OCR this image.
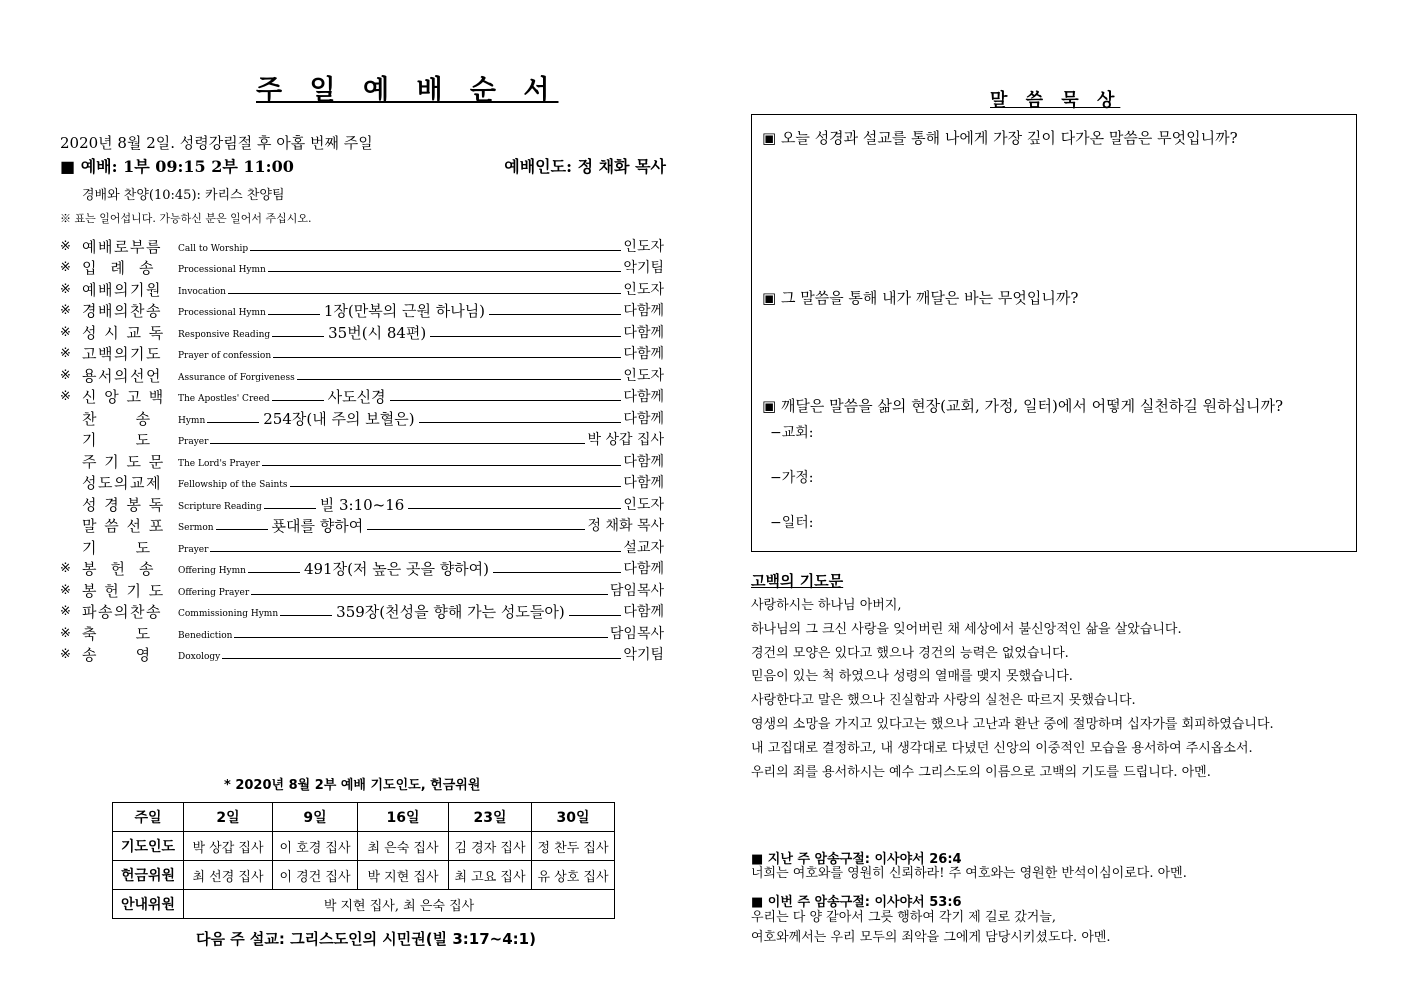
주 일 예 배 순 서
2020년 8월 2일. 성령강림절 후 아홉 번째 주일
■ 예배: 1부 09:15 2부 11:00	예배인도: 정 채화 목사
경배와 찬양(10:45): 카리스 찬양팀
※ 표는 일어섭니다. 가능하신 분은 일어서 주십시오.
※ 예배로부름	Call to Worship	인도자
※ 입  례  송	Processional Hymn	악기팀
※ 예배의기원	Invocation	인도자
※ 경배의찬송	Processional Hymn	1장(만복의 근원 하나님)	다함께
※ 성 시 교 독	Responsive Reading	35번(시 84편)	다함께
※ 고백의기도	Prayer of confession	다함께
※ 용서의선언	Assurance of Forgiveness	인도자
※ 신 앙 고 백	The Apostles' Creed	사도신경	다함께
찬      송	Hymn	254장(내 주의 보혈은)	다함께
기      도	Prayer	박 상갑 집사
주 기 도 문	The Lord's Prayer	다함께
성도의교제	Fellowship of the Saints	다함께
성 경 봉 독	Scripture Reading	빌 3:10~16	인도자
말 씀 선 포	Sermon	푯대를 향하여	정 채화 목사
기      도	Prayer	설교자
※ 봉  헌  송	Offering Hymn	491장(저 높은 곳을 향하여)	다함께
※ 봉 헌 기 도	Offering Prayer	담임목사
※ 파송의찬송	Commissioning Hymn	359장(천성을 향해 가는 성도들아)	다함께
※ 축      도	Benediction	담임목사
※ 송      영	Doxology	악기팀
* 2020년 8월 2부 예배 기도인도, 헌금위원
주일	2일	9일	16일	23일	30일
기도인도	박 상갑 집사	이 호경 집사	최 은숙 집사	김 경자 집사	정 찬두 집사
헌금위원	최 선경 집사	이 경건 집사	박 지현 집사	최 고요 집사	유 상호 집사
안내위원	박 지현 집사, 최 은숙 집사				
다음 주 설교: 그리스도인의 시민권(빌 3:17~4:1)
말 씀 묵 상
▣ 오늘 성경과 설교를 통해 나에게 가장 깊이 다가온 말씀은 무엇입니까?
▣ 그 말씀을 통해 내가 깨달은 바는 무엇입니까?
▣ 깨달은 말씀을 삶의 현장(교회, 가정, 일터)에서 어떻게 실천하길 원하십니까?
−교회:
−가정:
−일터:
고백의 기도문
사랑하시는 하나님 아버지,
하나님의 그 크신 사랑을 잊어버린 채 세상에서 불신앙적인 삶을 살았습니다.
경건의 모양은 있다고 했으나 경건의 능력은 없었습니다.
믿음이 있는 척 하였으나 성령의 열매를 맺지 못했습니다.
사랑한다고 말은 했으나 진실함과 사랑의 실천은 따르지 못했습니다.
영생의 소망을 가지고 있다고는 했으나 고난과 환난 중에 절망하며 십자가를 회피하였습니다.
내 고집대로 결정하고, 내 생각대로 다녔던 신앙의 이중적인 모습을 용서하여 주시옵소서.
우리의 죄를 용서하시는 예수 그리스도의 이름으로 고백의 기도를 드립니다. 아멘.
■ 지난 주 암송구절: 이사야서 26:4
너희는 여호와를 영원히 신뢰하라! 주 여호와는 영원한 반석이심이로다. 아멘.
■ 이번 주 암송구절: 이사야서 53:6
우리는 다 양 같아서 그릇 행하여 각기 제 길로 갔거늘,
여호와께서는 우리 모두의 죄악을 그에게 담당시키셨도다. 아멘.
